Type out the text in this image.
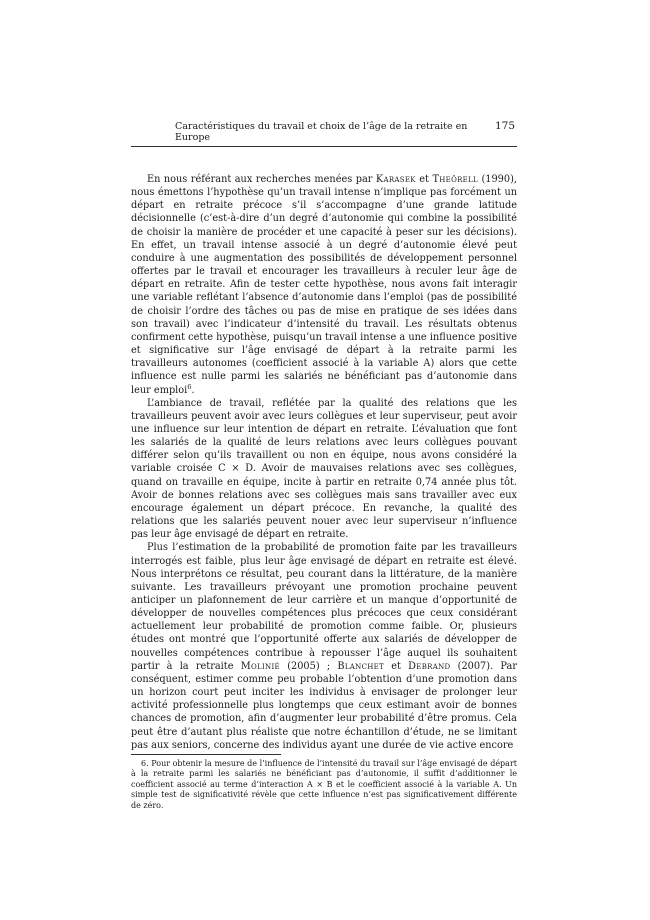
Caractéristiques du travail et choix de l’âge de la retraite en Europe
175

En nous référant aux recherches menées par Karasek et Theörell (1990), nous émettons l’hypothèse qu’un travail intense n’implique pas forcément un départ en retraite précoce s’il s’accompagne d’une grande latitude décisionnelle (c’est-à-dire d’un degré d’autonomie qui combine la possibilité de choisir la manière de procéder et une capacité à peser sur les décisions). En effet, un travail intense associé à un degré d’autonomie élevé peut conduire à une augmentation des possibilités de développement personnel offertes par le travail et encourager les travailleurs à reculer leur âge de départ en retraite. Afin de tester cette hypothèse, nous avons fait interagir une variable reflétant l’absence d’autonomie dans l’emploi (pas de possibilité de choisir l’ordre des tâches ou pas de mise en pratique de ses idées dans son travail) avec l’indicateur d’intensité du travail. Les résultats obtenus confirment cette hypothèse, puisqu’un travail intense a une influence positive et significative sur l’âge envisagé de départ à la retraite parmi les travailleurs autonomes (coefficient associé à la variable A) alors que cette influence est nulle parmi les salariés ne bénéficiant pas d’autonomie dans leur emploi$^6$.

L’ambiance de travail, reflétée par la qualité des relations que les travailleurs peuvent avoir avec leurs collègues et leur superviseur, peut avoir une influence sur leur intention de départ en retraite. L’évaluation que font les salariés de la qualité de leurs relations avec leurs collègues pouvant différer selon qu’ils travaillent ou non en équipe, nous avons considéré la variable croisée C × D. Avoir de mauvaises relations avec ses collègues, quand on travaille en équipe, incite à partir en retraite 0,74 année plus tôt. Avoir de bonnes relations avec ses collègues mais sans travailler avec eux encourage également un départ précoce. En revanche, la qualité des relations que les salariés peuvent nouer avec leur superviseur n’influence pas leur âge envisagé de départ en retraite.

Plus l’estimation de la probabilité de promotion faite par les travailleurs interrogés est faible, plus leur âge envisagé de départ en retraite est élevé. Nous interprétons ce résultat, peu courant dans la littérature, de la manière suivante. Les travailleurs prévoyant une promotion prochaine peuvent anticiper un plafonnement de leur carrière et un manque d’opportunité de développer de nouvelles compétences plus précoces que ceux considérant actuellement leur probabilité de promotion comme faible. Or, plusieurs études ont montré que l’opportunité offerte aux salariés de développer de nouvelles compétences contribue à repousser l’âge auquel ils souhaitent partir à la retraite Molinié (2005) ; Blanchet et Debrand (2007). Par conséquent, estimer comme peu probable l’obtention d’une promotion dans un horizon court peut inciter les individus à envisager de prolonger leur activité professionnelle plus longtemps que ceux estimant avoir de bonnes chances de promotion, afin d’augmenter leur probabilité d’être promus. Cela peut être d’autant plus réaliste que notre échantillon d’étude, ne se limitant pas aux seniors, concerne des individus ayant une durée de vie active encore

6. Pour obtenir la mesure de l’influence de l’intensité du travail sur l’âge envisagé de départ à la retraite parmi les salariés ne bénéficiant pas d’autonomie, il suffit d’additionner le coefficient associé au terme d’interaction A × B et le coefficient associé à la variable A. Un simple test de significativité révèle que cette influence n’est pas significativement différente de zéro.
